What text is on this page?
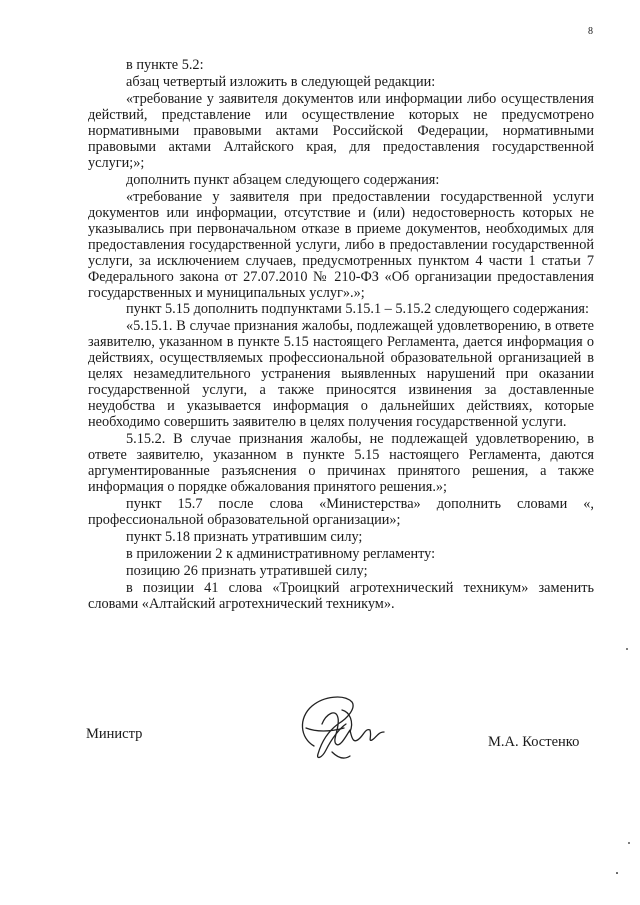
8

в пункте 5.2:

абзац четвертый изложить в следующей редакции:

«требование у заявителя документов или информации либо осуществления действий, представление или осуществление которых не предусмотрено нормативными правовыми актами Российской Федерации, нормативными правовыми актами Алтайского края, для предоставления государственной услуги;»;

дополнить пункт абзацем следующего содержания:

«требование у заявителя при предоставлении государственной услуги документов или информации, отсутствие и (или) недостоверность которых не указывались при первоначальном отказе в приеме документов, необходимых для предоставления государственной услуги, либо в предоставлении государственной услуги, за исключением случаев, предусмотренных пунктом 4 части 1 статьи 7 Федерального закона от 27.07.2010 № 210-ФЗ «Об организации предоставления государственных и муниципальных услуг».»;

пункт 5.15 дополнить подпунктами 5.15.1 – 5.15.2 следующего содержания:

«5.15.1. В случае признания жалобы, подлежащей удовлетворению, в ответе заявителю, указанном в пункте 5.15 настоящего Регламента, дается информация о действиях, осуществляемых профессиональной образовательной организацией в целях незамедлительного устранения выявленных нарушений при оказании государственной услуги, а также приносятся извинения за доставленные неудобства и указывается информация о дальнейших действиях, которые необходимо совершить заявителю в целях получения государственной услуги.

5.15.2. В случае признания жалобы, не подлежащей удовлетворению, в ответе заявителю, указанном в пункте 5.15 настоящего Регламента, даются аргументированные разъяснения о причинах принятого решения, а также информация о порядке обжалования принятого решения.»;

пункт 15.7 после слова «Министерства» дополнить словами «, профессиональной образовательной организации»;

пункт 5.18 признать утратившим силу;

в приложении 2 к административному регламенту:

позицию 26 признать утратившей силу;

в позиции 41 слова «Троицкий агротехнический техникум» заменить словами «Алтайский агротехнический техникум».

Министр	М.А. Костенко
